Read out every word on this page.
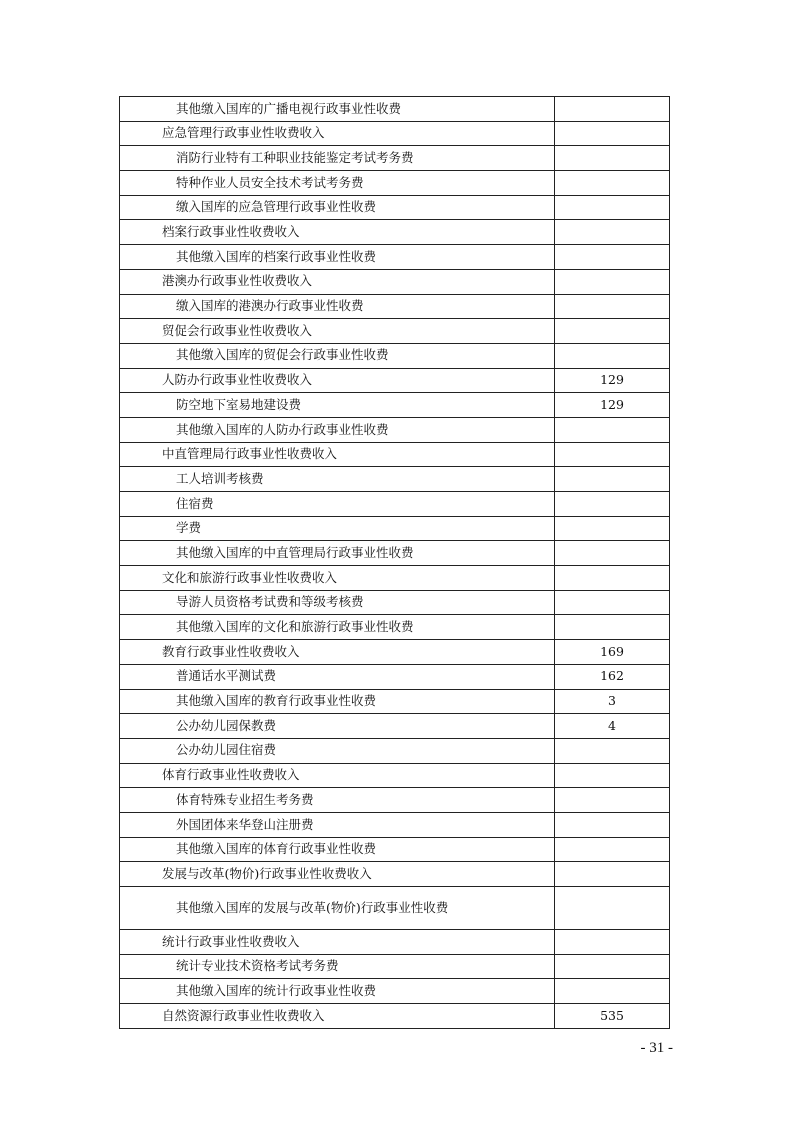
其他缴入国库的广播电视行政事业性收费	
应急管理行政事业性收费收入	
消防行业特有工种职业技能鉴定考试考务费	
特种作业人员安全技术考试考务费	
缴入国库的应急管理行政事业性收费	
档案行政事业性收费收入	
其他缴入国库的档案行政事业性收费	
港澳办行政事业性收费收入	
缴入国库的港澳办行政事业性收费	
贸促会行政事业性收费收入	
其他缴入国库的贸促会行政事业性收费	
人防办行政事业性收费收入	129
防空地下室易地建设费	129
其他缴入国库的人防办行政事业性收费	
中直管理局行政事业性收费收入	
工人培训考核费	
住宿费	
学费	
其他缴入国库的中直管理局行政事业性收费	
文化和旅游行政事业性收费收入	
导游人员资格考试费和等级考核费	
其他缴入国库的文化和旅游行政事业性收费	
教育行政事业性收费收入	169
普通话水平测试费	162
其他缴入国库的教育行政事业性收费	3
公办幼儿园保教费	4
公办幼儿园住宿费	
体育行政事业性收费收入	
体育特殊专业招生考务费	
外国团体来华登山注册费	
其他缴入国库的体育行政事业性收费	
发展与改革(物价)行政事业性收费收入	
其他缴入国库的发展与改革(物价)行政事业性收费	
统计行政事业性收费收入	
统计专业技术资格考试考务费	
其他缴入国库的统计行政事业性收费	
自然资源行政事业性收费收入	535
- 31 -
